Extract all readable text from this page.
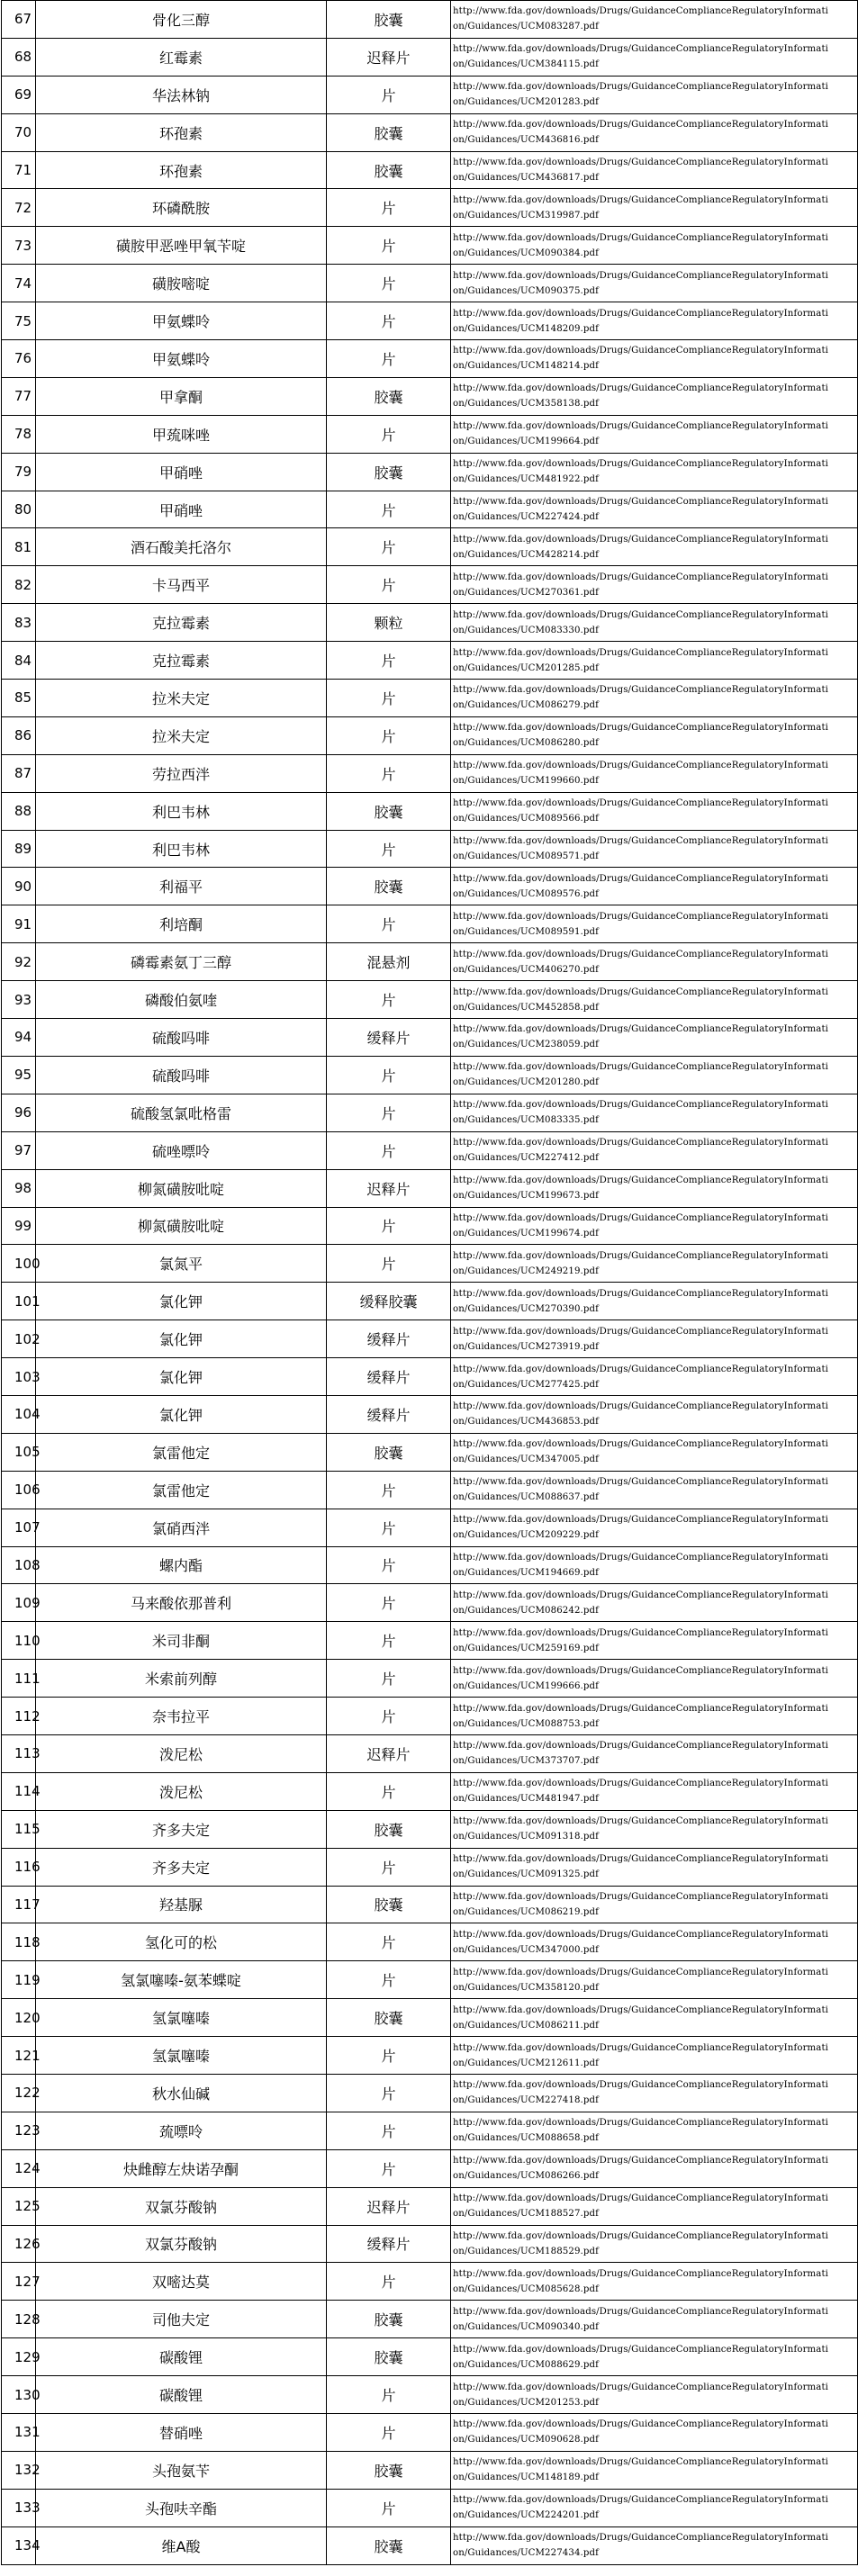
67	骨化三醇	胶囊	http://www.fda.gov/downloads/Drugs/GuidanceComplianceRegulatoryInformati
on/Guidances/UCM083287.pdf
68	红霉素	迟释片	http://www.fda.gov/downloads/Drugs/GuidanceComplianceRegulatoryInformati
on/Guidances/UCM384115.pdf
69	华法林钠	片	http://www.fda.gov/downloads/Drugs/GuidanceComplianceRegulatoryInformati
on/Guidances/UCM201283.pdf
70	环孢素	胶囊	http://www.fda.gov/downloads/Drugs/GuidanceComplianceRegulatoryInformati
on/Guidances/UCM436816.pdf
71	环孢素	胶囊	http://www.fda.gov/downloads/Drugs/GuidanceComplianceRegulatoryInformati
on/Guidances/UCM436817.pdf
72	环磷酰胺	片	http://www.fda.gov/downloads/Drugs/GuidanceComplianceRegulatoryInformati
on/Guidances/UCM319987.pdf
73	磺胺甲恶唑甲氧苄啶	片	http://www.fda.gov/downloads/Drugs/GuidanceComplianceRegulatoryInformati
on/Guidances/UCM090384.pdf
74	磺胺嘧啶	片	http://www.fda.gov/downloads/Drugs/GuidanceComplianceRegulatoryInformati
on/Guidances/UCM090375.pdf
75	甲氨蝶呤	片	http://www.fda.gov/downloads/Drugs/GuidanceComplianceRegulatoryInformati
on/Guidances/UCM148209.pdf
76	甲氨蝶呤	片	http://www.fda.gov/downloads/Drugs/GuidanceComplianceRegulatoryInformati
on/Guidances/UCM148214.pdf
77	甲拿酮	胶囊	http://www.fda.gov/downloads/Drugs/GuidanceComplianceRegulatoryInformati
on/Guidances/UCM358138.pdf
78	甲巯咪唑	片	http://www.fda.gov/downloads/Drugs/GuidanceComplianceRegulatoryInformati
on/Guidances/UCM199664.pdf
79	甲硝唑	胶囊	http://www.fda.gov/downloads/Drugs/GuidanceComplianceRegulatoryInformati
on/Guidances/UCM481922.pdf
80	甲硝唑	片	http://www.fda.gov/downloads/Drugs/GuidanceComplianceRegulatoryInformati
on/Guidances/UCM227424.pdf
81	酒石酸美托洛尔	片	http://www.fda.gov/downloads/Drugs/GuidanceComplianceRegulatoryInformati
on/Guidances/UCM428214.pdf
82	卡马西平	片	http://www.fda.gov/downloads/Drugs/GuidanceComplianceRegulatoryInformati
on/Guidances/UCM270361.pdf
83	克拉霉素	颗粒	http://www.fda.gov/downloads/Drugs/GuidanceComplianceRegulatoryInformati
on/Guidances/UCM083330.pdf
84	克拉霉素	片	http://www.fda.gov/downloads/Drugs/GuidanceComplianceRegulatoryInformati
on/Guidances/UCM201285.pdf
85	拉米夫定	片	http://www.fda.gov/downloads/Drugs/GuidanceComplianceRegulatoryInformati
on/Guidances/UCM086279.pdf
86	拉米夫定	片	http://www.fda.gov/downloads/Drugs/GuidanceComplianceRegulatoryInformati
on/Guidances/UCM086280.pdf
87	劳拉西泮	片	http://www.fda.gov/downloads/Drugs/GuidanceComplianceRegulatoryInformati
on/Guidances/UCM199660.pdf
88	利巴韦林	胶囊	http://www.fda.gov/downloads/Drugs/GuidanceComplianceRegulatoryInformati
on/Guidances/UCM089566.pdf
89	利巴韦林	片	http://www.fda.gov/downloads/Drugs/GuidanceComplianceRegulatoryInformati
on/Guidances/UCM089571.pdf
90	利福平	胶囊	http://www.fda.gov/downloads/Drugs/GuidanceComplianceRegulatoryInformati
on/Guidances/UCM089576.pdf
91	利培酮	片	http://www.fda.gov/downloads/Drugs/GuidanceComplianceRegulatoryInformati
on/Guidances/UCM089591.pdf
92	磷霉素氨丁三醇	混悬剂	http://www.fda.gov/downloads/Drugs/GuidanceComplianceRegulatoryInformati
on/Guidances/UCM406270.pdf
93	磷酸伯氨喹	片	http://www.fda.gov/downloads/Drugs/GuidanceComplianceRegulatoryInformati
on/Guidances/UCM452858.pdf
94	硫酸吗啡	缓释片	http://www.fda.gov/downloads/Drugs/GuidanceComplianceRegulatoryInformati
on/Guidances/UCM238059.pdf
95	硫酸吗啡	片	http://www.fda.gov/downloads/Drugs/GuidanceComplianceRegulatoryInformati
on/Guidances/UCM201280.pdf
96	硫酸氢氯吡格雷	片	http://www.fda.gov/downloads/Drugs/GuidanceComplianceRegulatoryInformati
on/Guidances/UCM083335.pdf
97	硫唑嘌呤	片	http://www.fda.gov/downloads/Drugs/GuidanceComplianceRegulatoryInformati
on/Guidances/UCM227412.pdf
98	柳氮磺胺吡啶	迟释片	http://www.fda.gov/downloads/Drugs/GuidanceComplianceRegulatoryInformati
on/Guidances/UCM199673.pdf
99	柳氮磺胺吡啶	片	http://www.fda.gov/downloads/Drugs/GuidanceComplianceRegulatoryInformati
on/Guidances/UCM199674.pdf
100	氯氮平	片	http://www.fda.gov/downloads/Drugs/GuidanceComplianceRegulatoryInformati
on/Guidances/UCM249219.pdf
101	氯化钾	缓释胶囊	http://www.fda.gov/downloads/Drugs/GuidanceComplianceRegulatoryInformati
on/Guidances/UCM270390.pdf
102	氯化钾	缓释片	http://www.fda.gov/downloads/Drugs/GuidanceComplianceRegulatoryInformati
on/Guidances/UCM273919.pdf
103	氯化钾	缓释片	http://www.fda.gov/downloads/Drugs/GuidanceComplianceRegulatoryInformati
on/Guidances/UCM277425.pdf
104	氯化钾	缓释片	http://www.fda.gov/downloads/Drugs/GuidanceComplianceRegulatoryInformati
on/Guidances/UCM436853.pdf
105	氯雷他定	胶囊	http://www.fda.gov/downloads/Drugs/GuidanceComplianceRegulatoryInformati
on/Guidances/UCM347005.pdf
106	氯雷他定	片	http://www.fda.gov/downloads/Drugs/GuidanceComplianceRegulatoryInformati
on/Guidances/UCM088637.pdf
107	氯硝西泮	片	http://www.fda.gov/downloads/Drugs/GuidanceComplianceRegulatoryInformati
on/Guidances/UCM209229.pdf
108	螺内酯	片	http://www.fda.gov/downloads/Drugs/GuidanceComplianceRegulatoryInformati
on/Guidances/UCM194669.pdf
109	马来酸依那普利	片	http://www.fda.gov/downloads/Drugs/GuidanceComplianceRegulatoryInformati
on/Guidances/UCM086242.pdf
110	米司非酮	片	http://www.fda.gov/downloads/Drugs/GuidanceComplianceRegulatoryInformati
on/Guidances/UCM259169.pdf
111	米索前列醇	片	http://www.fda.gov/downloads/Drugs/GuidanceComplianceRegulatoryInformati
on/Guidances/UCM199666.pdf
112	奈韦拉平	片	http://www.fda.gov/downloads/Drugs/GuidanceComplianceRegulatoryInformati
on/Guidances/UCM088753.pdf
113	泼尼松	迟释片	http://www.fda.gov/downloads/Drugs/GuidanceComplianceRegulatoryInformati
on/Guidances/UCM373707.pdf
114	泼尼松	片	http://www.fda.gov/downloads/Drugs/GuidanceComplianceRegulatoryInformati
on/Guidances/UCM481947.pdf
115	齐多夫定	胶囊	http://www.fda.gov/downloads/Drugs/GuidanceComplianceRegulatoryInformati
on/Guidances/UCM091318.pdf
116	齐多夫定	片	http://www.fda.gov/downloads/Drugs/GuidanceComplianceRegulatoryInformati
on/Guidances/UCM091325.pdf
117	羟基脲	胶囊	http://www.fda.gov/downloads/Drugs/GuidanceComplianceRegulatoryInformati
on/Guidances/UCM086219.pdf
118	氢化可的松	片	http://www.fda.gov/downloads/Drugs/GuidanceComplianceRegulatoryInformati
on/Guidances/UCM347000.pdf
119	氢氯噻嗪-氨苯蝶啶	片	http://www.fda.gov/downloads/Drugs/GuidanceComplianceRegulatoryInformati
on/Guidances/UCM358120.pdf
120	氢氯噻嗪	胶囊	http://www.fda.gov/downloads/Drugs/GuidanceComplianceRegulatoryInformati
on/Guidances/UCM086211.pdf
121	氢氯噻嗪	片	http://www.fda.gov/downloads/Drugs/GuidanceComplianceRegulatoryInformati
on/Guidances/UCM212611.pdf
122	秋水仙碱	片	http://www.fda.gov/downloads/Drugs/GuidanceComplianceRegulatoryInformati
on/Guidances/UCM227418.pdf
123	巯嘌呤	片	http://www.fda.gov/downloads/Drugs/GuidanceComplianceRegulatoryInformati
on/Guidances/UCM088658.pdf
124	炔雌醇左炔诺孕酮	片	http://www.fda.gov/downloads/Drugs/GuidanceComplianceRegulatoryInformati
on/Guidances/UCM086266.pdf
125	双氯芬酸钠	迟释片	http://www.fda.gov/downloads/Drugs/GuidanceComplianceRegulatoryInformati
on/Guidances/UCM188527.pdf
126	双氯芬酸钠	缓释片	http://www.fda.gov/downloads/Drugs/GuidanceComplianceRegulatoryInformati
on/Guidances/UCM188529.pdf
127	双嘧达莫	片	http://www.fda.gov/downloads/Drugs/GuidanceComplianceRegulatoryInformati
on/Guidances/UCM085628.pdf
128	司他夫定	胶囊	http://www.fda.gov/downloads/Drugs/GuidanceComplianceRegulatoryInformati
on/Guidances/UCM090340.pdf
129	碳酸锂	胶囊	http://www.fda.gov/downloads/Drugs/GuidanceComplianceRegulatoryInformati
on/Guidances/UCM088629.pdf
130	碳酸锂	片	http://www.fda.gov/downloads/Drugs/GuidanceComplianceRegulatoryInformati
on/Guidances/UCM201253.pdf
131	替硝唑	片	http://www.fda.gov/downloads/Drugs/GuidanceComplianceRegulatoryInformati
on/Guidances/UCM090628.pdf
132	头孢氨苄	胶囊	http://www.fda.gov/downloads/Drugs/GuidanceComplianceRegulatoryInformati
on/Guidances/UCM148189.pdf
133	头孢呋辛酯	片	http://www.fda.gov/downloads/Drugs/GuidanceComplianceRegulatoryInformati
on/Guidances/UCM224201.pdf
134	维A酸	胶囊	http://www.fda.gov/downloads/Drugs/GuidanceComplianceRegulatoryInformati
on/Guidances/UCM227434.pdf
